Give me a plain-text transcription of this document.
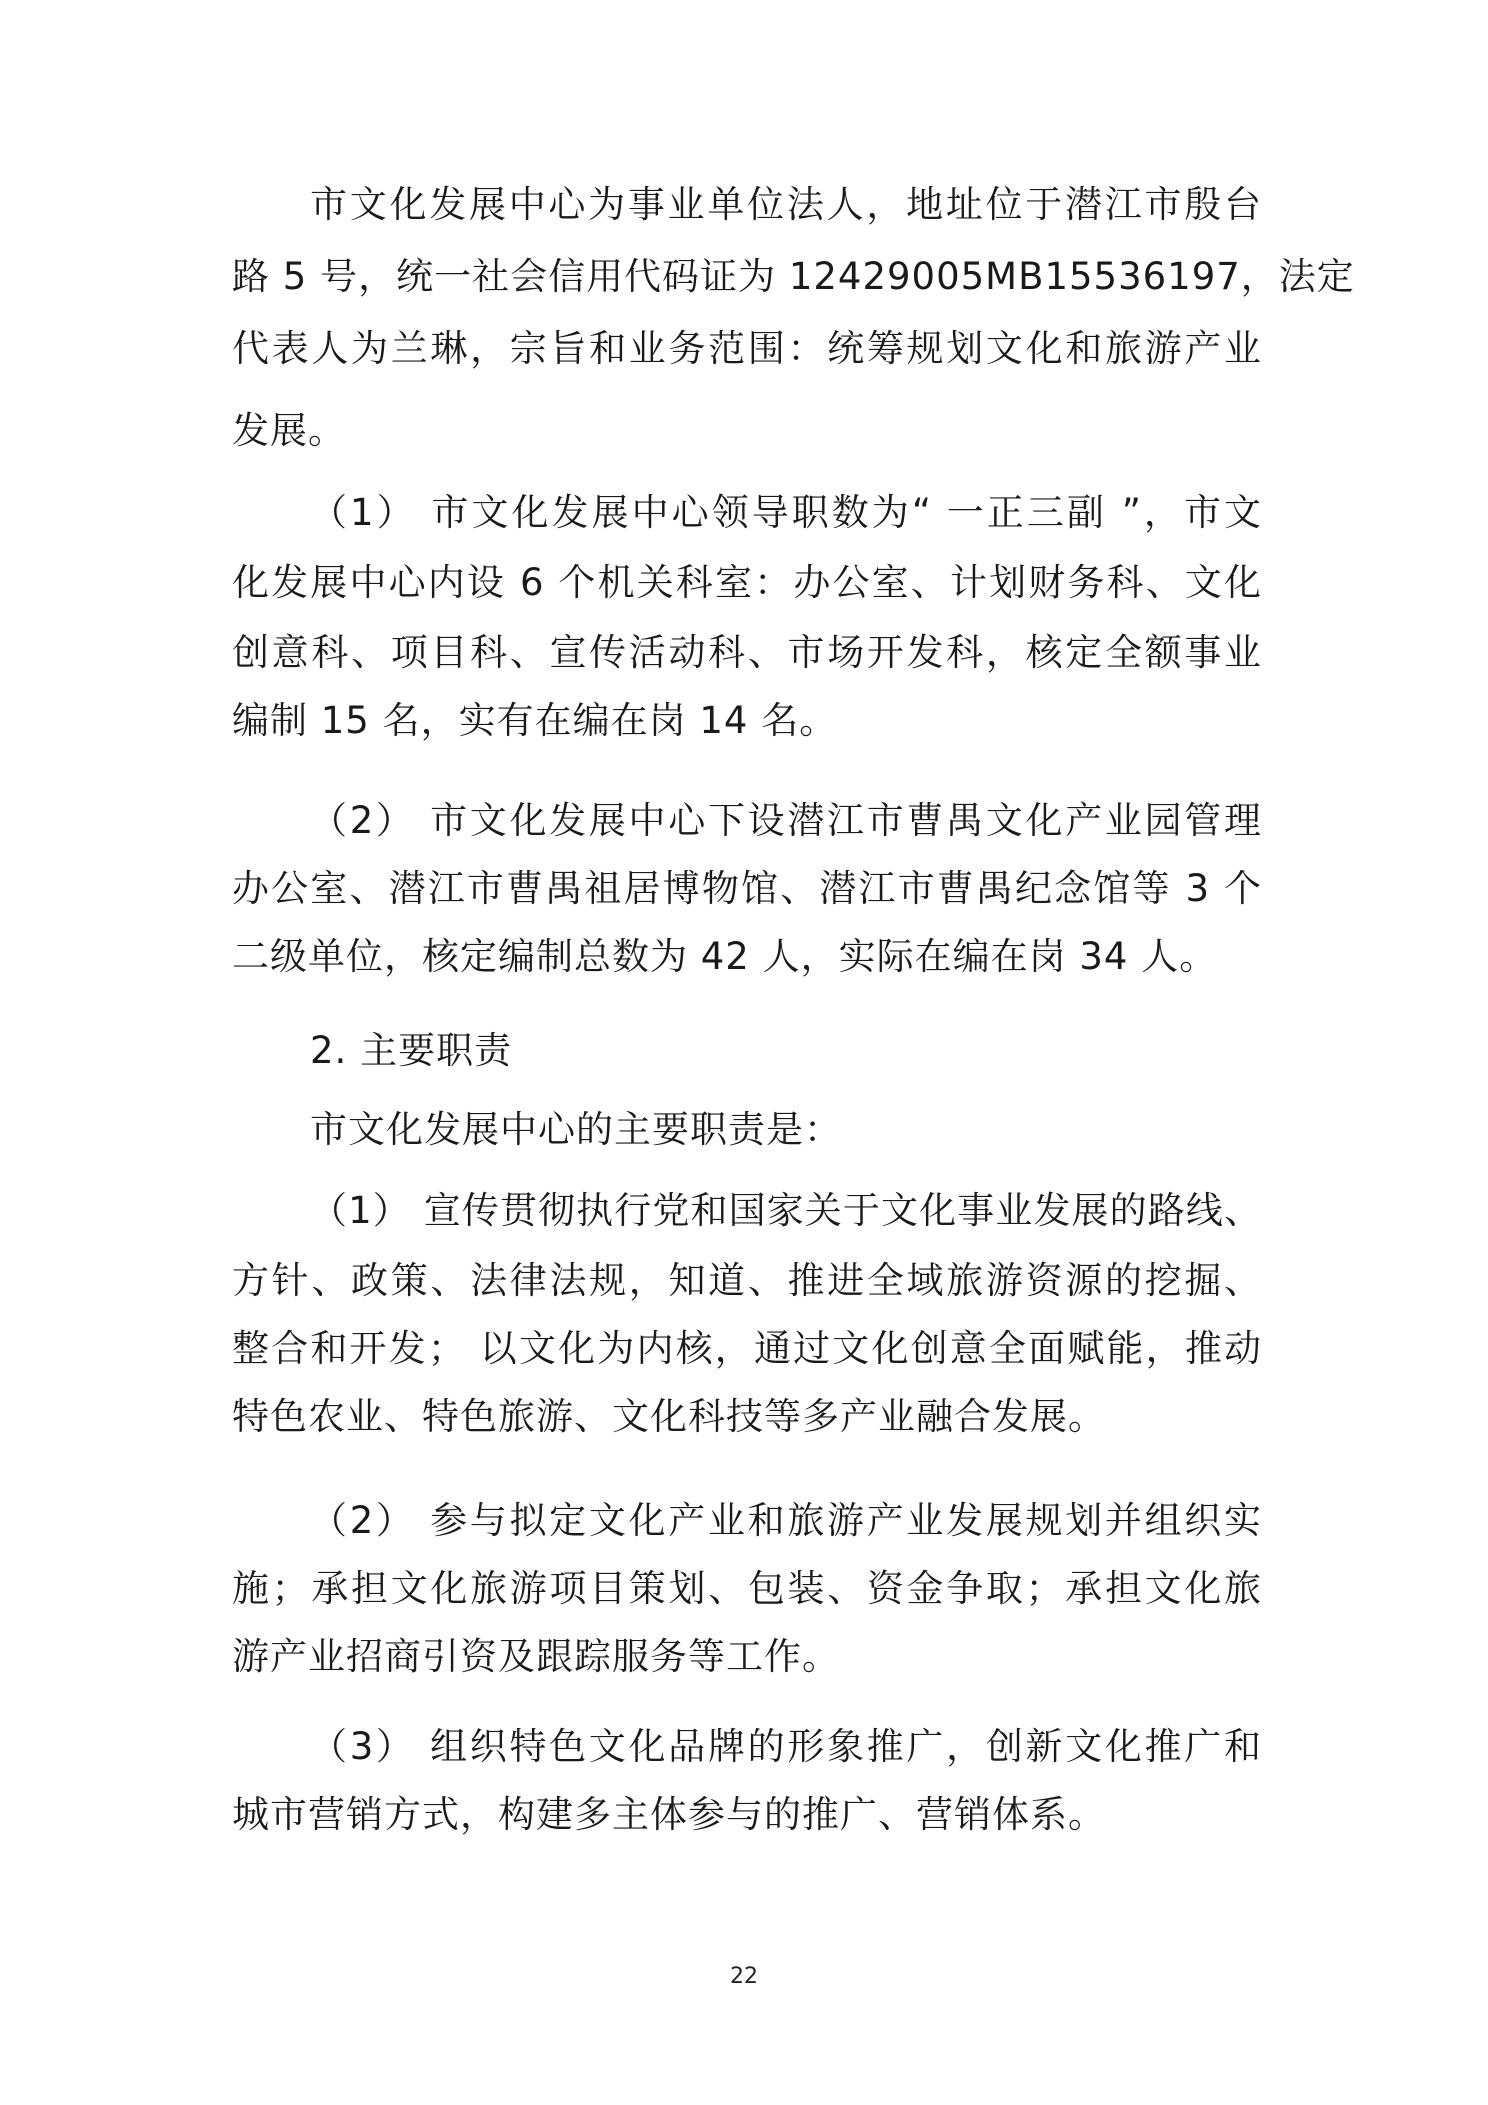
市文化发展中心为事业单位法人，地址位于潜江市殷台
路 5 号，统一社会信用代码证为 12429005MB15536197，法定
代表人为兰琳，宗旨和业务范围：统筹规划文化和旅游产业
发展。
（1） 市文化发展中心领导职数为“ 一正三副 ”，市文
化发展中心内设 6 个机关科室：办公室、计划财务科、文化
创意科、项目科、宣传活动科、市场开发科，核定全额事业
编制 15 名，实有在编在岗 14 名。
（2） 市文化发展中心下设潜江市曹禺文化产业园管理
办公室、潜江市曹禺祖居博物馆、潜江市曹禺纪念馆等 3 个
二级单位，核定编制总数为 42 人，实际在编在岗 34 人。
2. 主要职责
市文化发展中心的主要职责是：
（1） 宣传贯彻执行党和国家关于文化事业发展的路线、
方针、政策、法律法规，知道、推进全域旅游资源的挖掘、
整合和开发； 以文化为内核，通过文化创意全面赋能，推动
特色农业、特色旅游、文化科技等多产业融合发展。
（2） 参与拟定文化产业和旅游产业发展规划并组织实
施；承担文化旅游项目策划、包装、资金争取；承担文化旅
游产业招商引资及跟踪服务等工作。
（3） 组织特色文化品牌的形象推广，创新文化推广和
城市营销方式，构建多主体参与的推广、营销体系。
22
